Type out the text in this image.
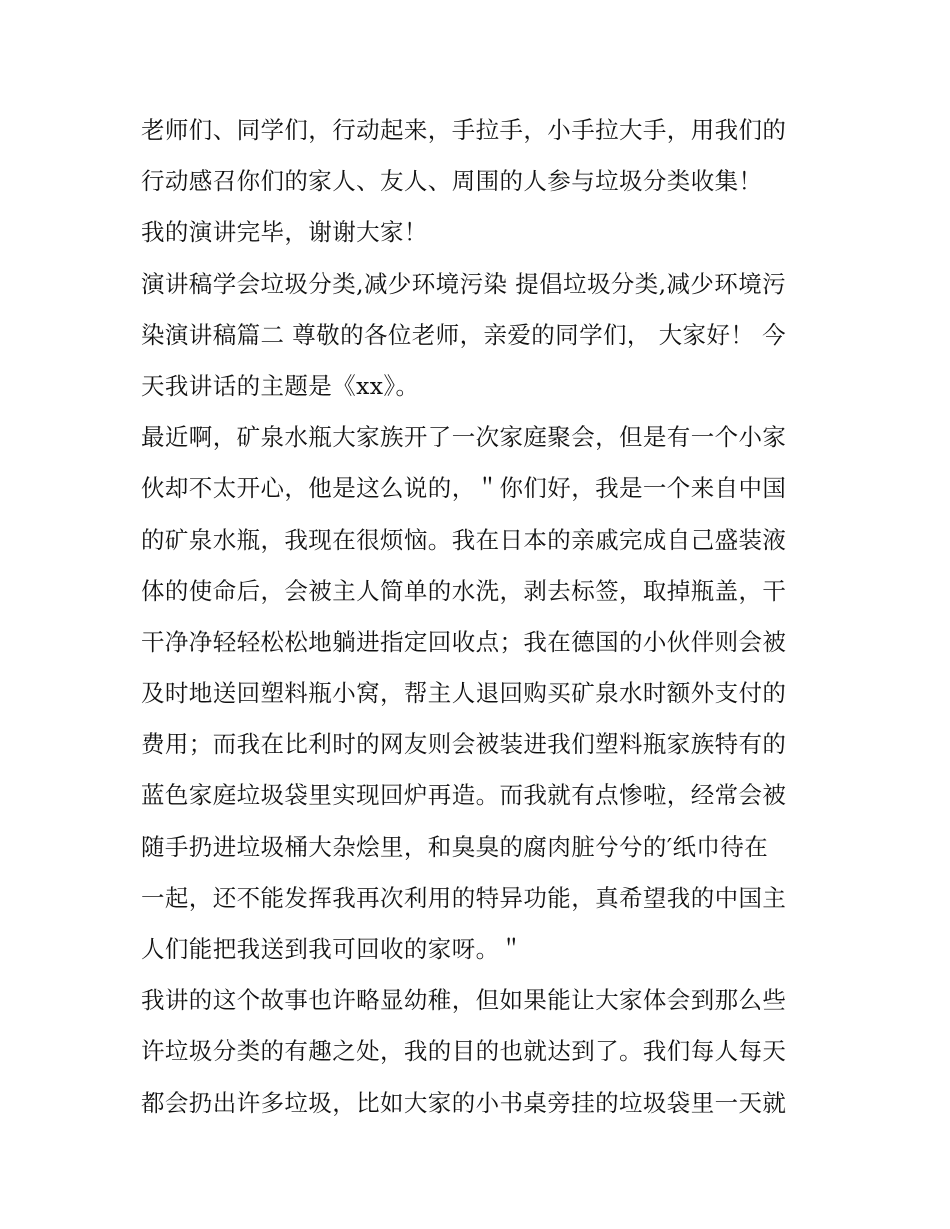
老师们、同学们，行动起来，手拉手，小手拉大手，用我们的
行动感召你们的家人、友人、周围的人参与垃圾分类收集！
我的演讲完毕，谢谢大家！
演讲稿学会垃圾分类,减少环境污染 提倡垃圾分类,减少环境污
染演讲稿篇二 尊敬的各位老师，亲爱的同学们， 大家好！ 今
天我讲话的主题是《xx》。
最近啊，矿泉水瓶大家族开了一次家庭聚会，但是有一个小家
伙却不太开心，他是这么说的，＂你们好，我是一个来自中国
的矿泉水瓶，我现在很烦恼。我在日本的亲戚完成自己盛装液
体的使命后，会被主人简单的水洗，剥去标签，取掉瓶盖，干
干净净轻轻松松地躺进指定回收点；我在德国的小伙伴则会被
及时地送回塑料瓶小窝，帮主人退回购买矿泉水时额外支付的
费用；而我在比利时的网友则会被装进我们塑料瓶家族特有的
蓝色家庭垃圾袋里实现回炉再造。而我就有点惨啦，经常会被
随手扔进垃圾桶大杂烩里，和臭臭的腐肉脏兮兮的′纸巾待在
一起，还不能发挥我再次利用的特异功能，真希望我的中国主
人们能把我送到我可回收的家呀。＂
我讲的这个故事也许略显幼稚，但如果能让大家体会到那么些
许垃圾分类的有趣之处，我的目的也就达到了。我们每人每天
都会扔出许多垃圾，比如大家的小书桌旁挂的垃圾袋里一天就
